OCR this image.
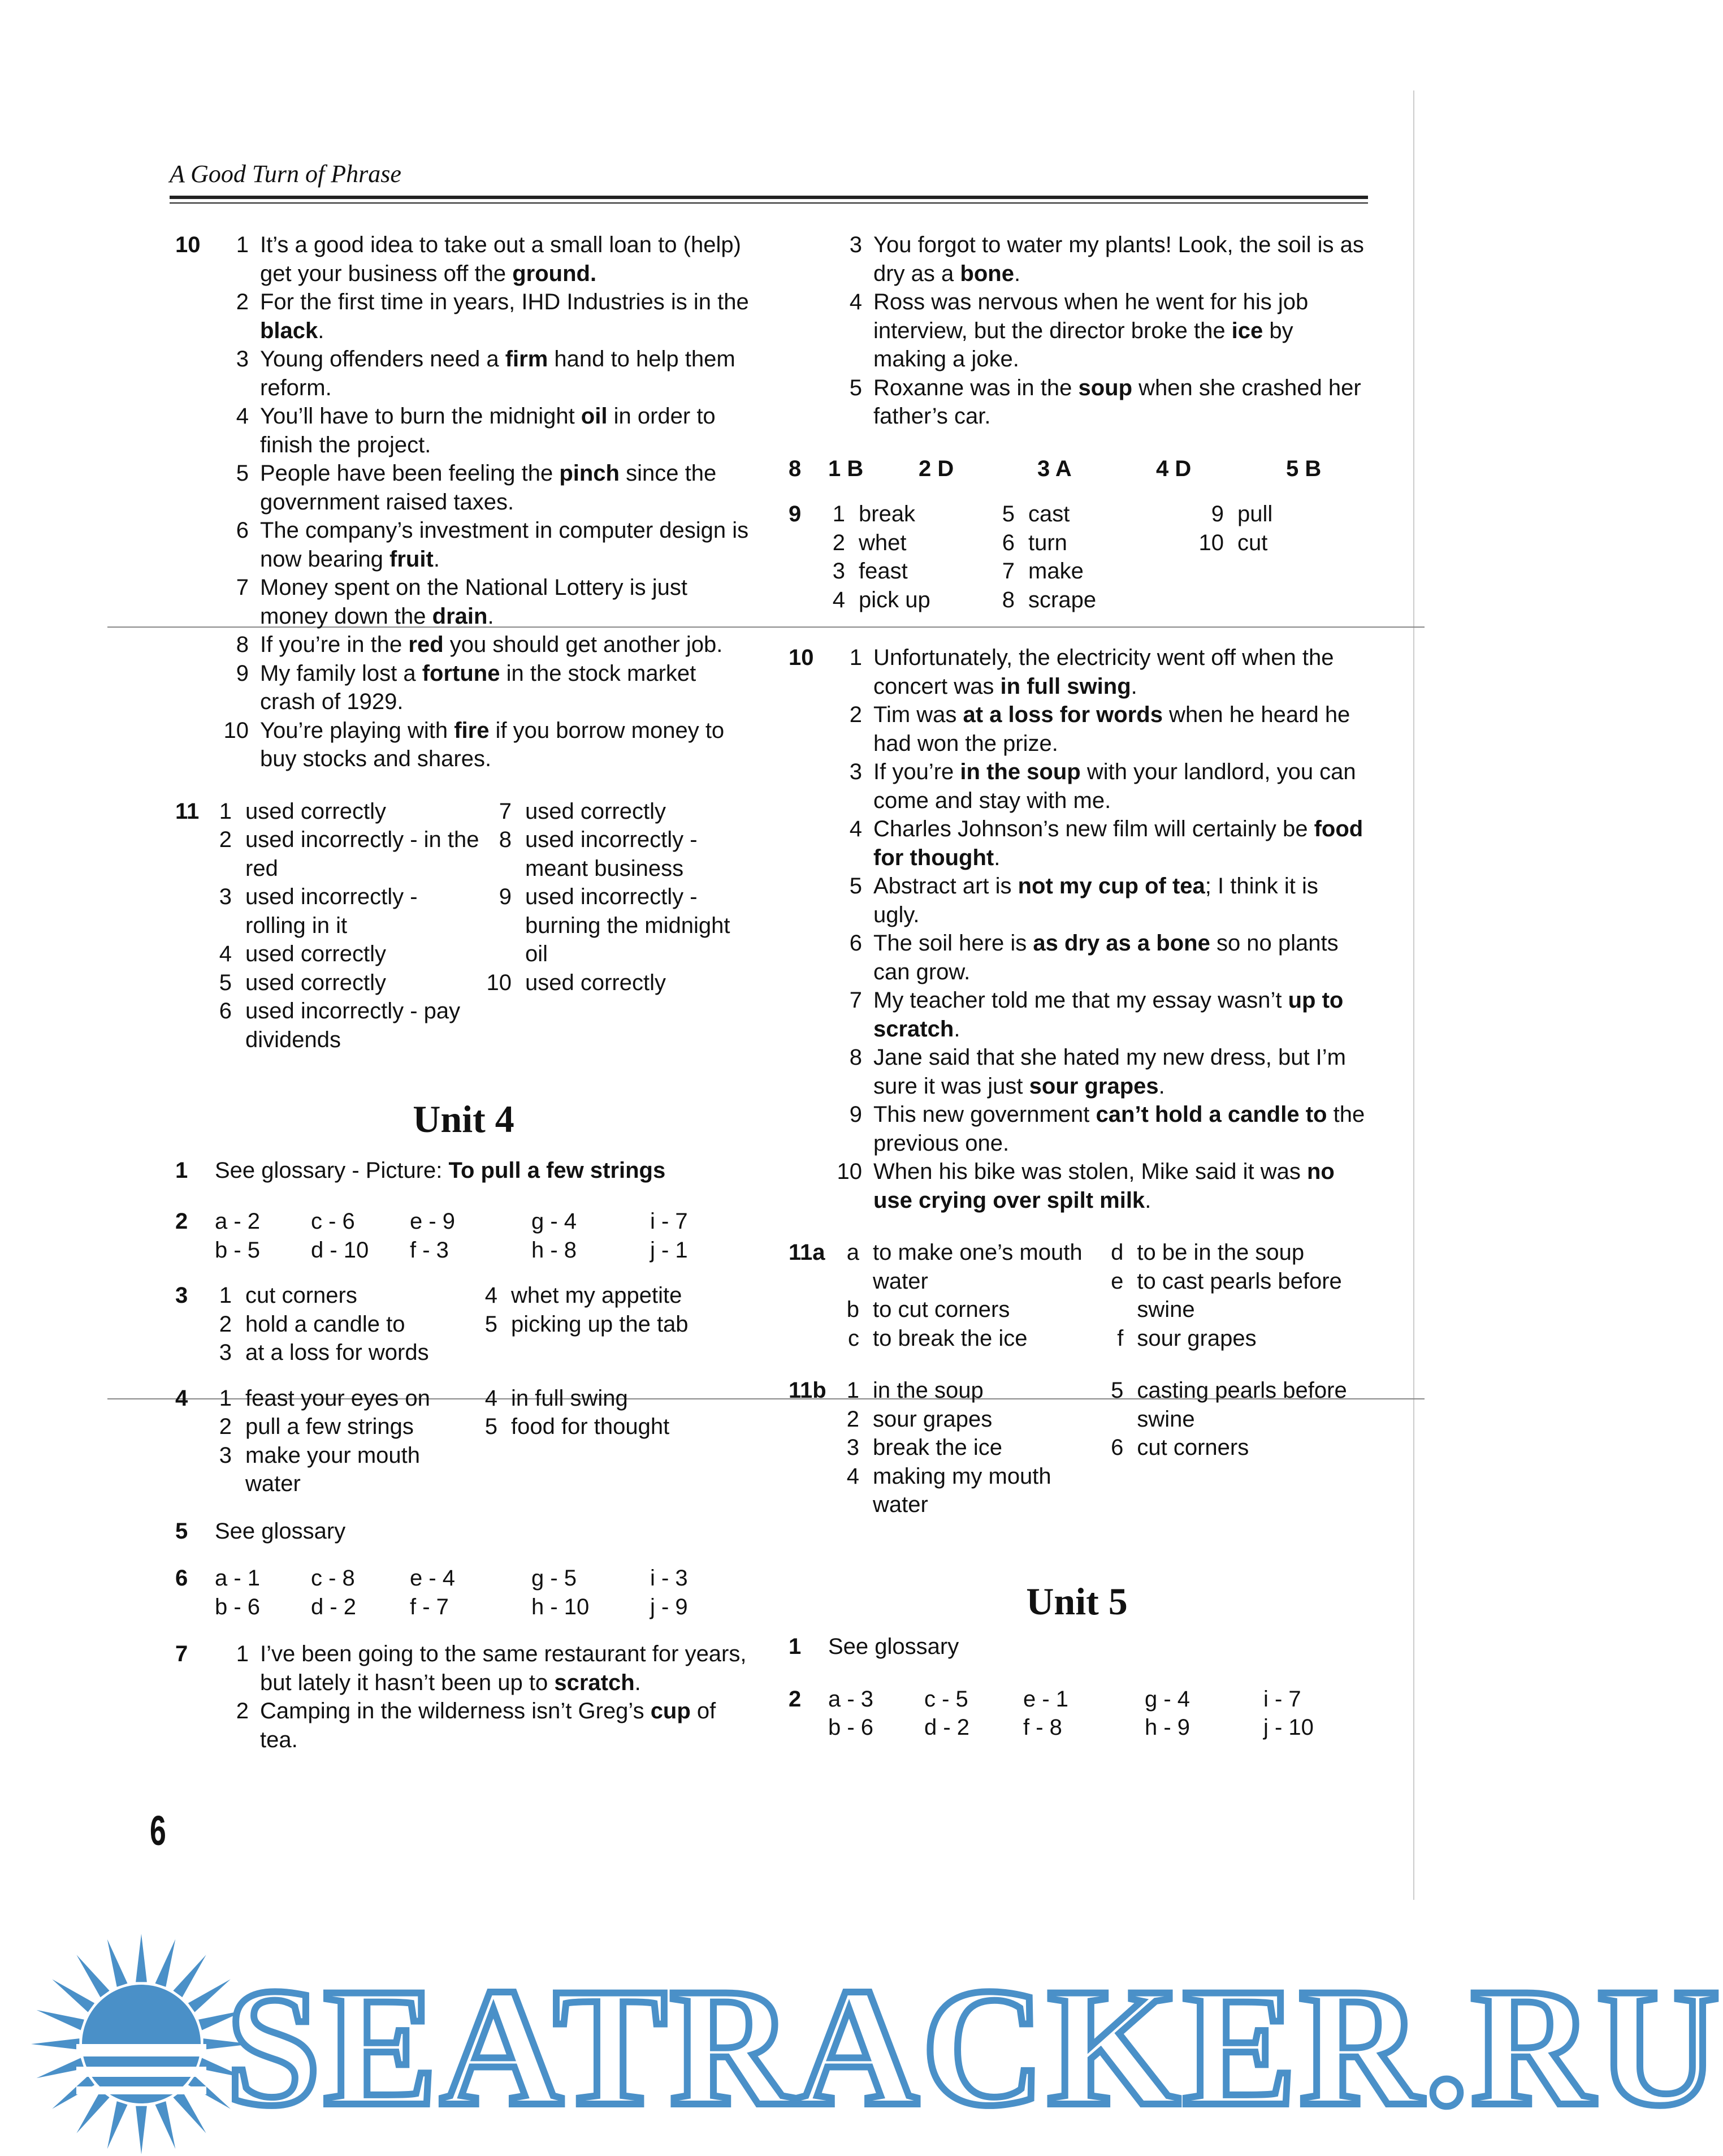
A Good Turn of Phrase
10	1 It’s a good idea to take out a small loan to (help) get your business off the ground.
2 For the first time in years, IHD Industries is in the black.
3 Young offenders need a firm hand to help them reform.
4 You’ll have to burn the midnight oil in order to finish the project.
5 People have been feeling the pinch since the government raised taxes.
6 The company’s investment in computer design is now bearing fruit.
7 Money spent on the National Lottery is just money down the drain.
8 If you’re in the red you should get another job.
9 My family lost a fortune in the stock market crash of 1929.
10 You’re playing with fire if you borrow money to buy stocks and shares.
11 1 used correctly
2 used incorrectly - in the red
3 used incorrectly - rolling in it
4 used correctly
5 used correctly
6 used incorrectly - pay dividends
7 used correctly
8 used incorrectly - meant business
9 used incorrectly - burning the midnight oil
10 used correctly
Unit 4
1 See glossary - Picture: To pull a few strings
2 a - 2	c - 6	e - 9	g - 4	i - 7
b - 5	d - 10	f - 3	h - 8	j - 1
3 1 cut corners
2 hold a candle to
3 at a loss for words
4 whet my appetite
5 picking up the tab
4 1 feast your eyes on
2 pull a few strings
3 make your mouth water
4 in full swing
5 food for thought
5 See glossary
6 a - 1	c - 8	e - 4	g - 5	i - 3
b - 6	d - 2	f - 7	h - 10	j - 9
7	1 I’ve been going to the same restaurant for years, but lately it hasn’t been up to scratch.
2 Camping in the wilderness isn’t Greg’s cup of tea.
3 You forgot to water my plants! Look, the soil is as dry as a bone.
4 Ross was nervous when he went for his job interview, but the director broke the ice by making a joke.
5 Roxanne was in the soup when she crashed her father’s car.
8 1 B	2 D	3 A	4 D	5 B
9 1 break
2 whet
3 feast
4 pick up
5 cast
6 turn
7 make
8 scrape
9 pull
10 cut
10	1 Unfortunately, the electricity went off when the concert was in full swing.
2 Tim was at a loss for words when he heard he had won the prize.
3 If you’re in the soup with your landlord, you can come and stay with me.
4 Charles Johnson’s new film will certainly be food for thought.
5 Abstract art is not my cup of tea; I think it is ugly.
6 The soil here is as dry as a bone so no plants can grow.
7 My teacher told me that my essay wasn’t up to scratch.
8 Jane said that she hated my new dress, but I’m sure it was just sour grapes.
9 This new government can’t hold a candle to the previous one.
10 When his bike was stolen, Mike said it was no use crying over spilt milk.
11a a to make one’s mouth water
b to cut corners
c to break the ice
d to be in the soup
e to cast pearls before swine
f sour grapes
11b 1 in the soup
2 sour grapes
3 break the ice
4 making my mouth water
5 casting pearls before swine
6 cut corners
Unit 5
1 See glossary
2 a - 3	c - 5	e - 1	g - 4	i - 7
b - 6	d - 2	f - 8	h - 9	j - 10
6
SEATRACKER.RU
